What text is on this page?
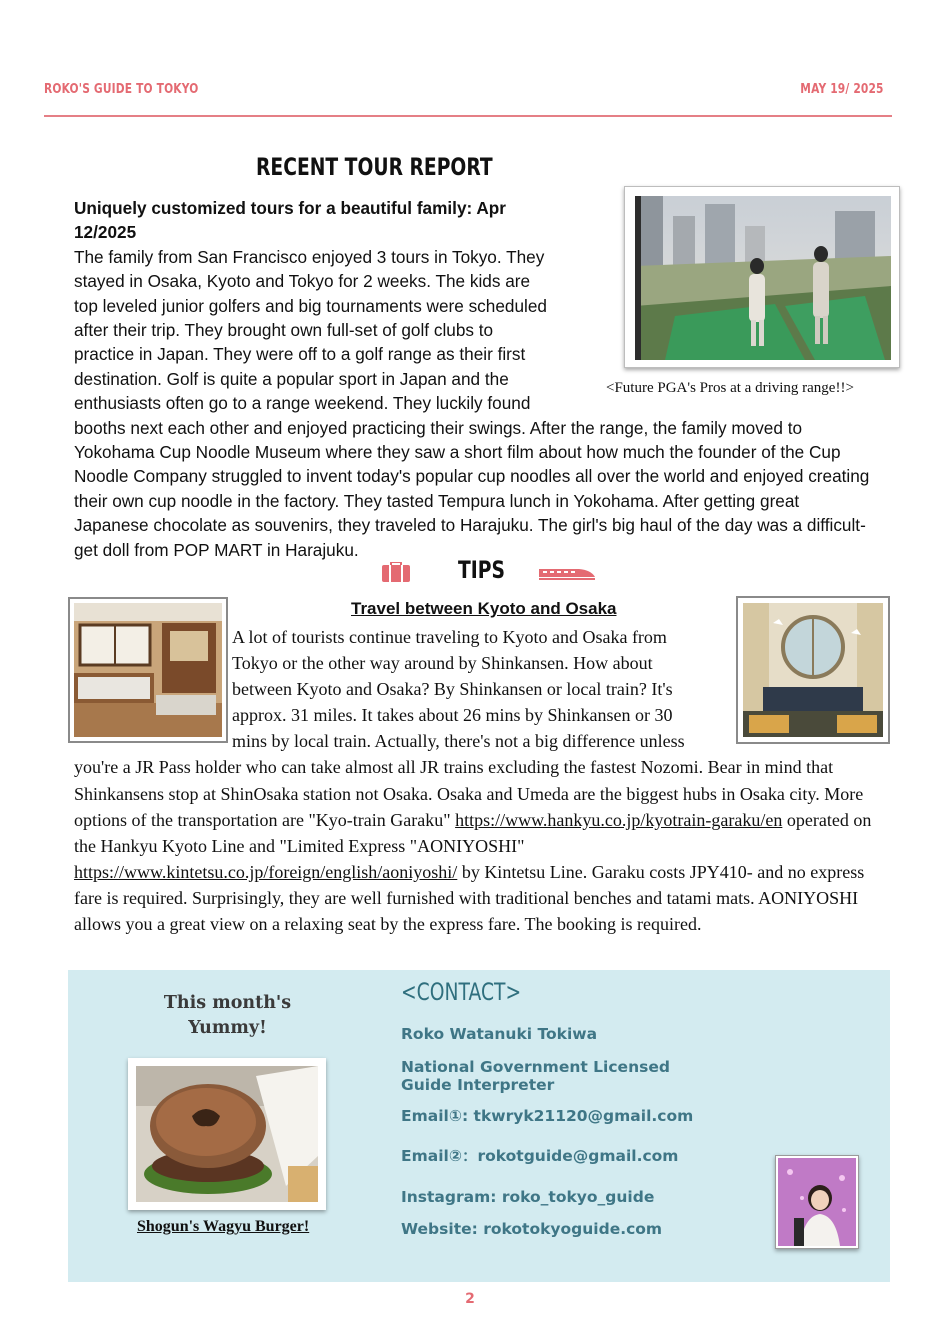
ROKO'S GUIDE TO TOKYO	MAY 19/ 2025
RECENT TOUR REPORT
Uniquely customized tours for a beautiful family: Apr 12/2025
The family from San Francisco enjoyed 3 tours in Tokyo. They stayed in Osaka, Kyoto and Tokyo for 2 weeks. The kids are top leveled junior golfers and big tournaments were scheduled after their trip. They brought own full-set of golf clubs to practice in Japan. They were off to a golf range as their first destination. Golf is quite a popular sport in Japan and the enthusiasts often go to a range weekend. They luckily found booths next each other and enjoyed practicing their swings. After the range, the family moved to Yokohama Cup Noodle Museum where they saw a short film about how much the founder of the Cup Noodle Company struggled to invent today's popular cup noodles all over the world and enjoyed creating their own cup noodle in the factory. They tasted Tempura lunch in Yokohama. After getting great Japanese chocolate as souvenirs, they traveled to Harajuku. The girl's big haul of the day was a difficult-get doll from POP MART in Harajuku.
<Future PGA's Pros at a driving range!!>
TIPS
Travel between Kyoto and Osaka
A lot of tourists continue traveling to Kyoto and Osaka from Tokyo or the other way around by Shinkansen. How about between Kyoto and Osaka? By Shinkansen or local train? It's approx. 31 miles. It takes about 26 mins by Shinkansen or 30 mins by local train. Actually, there's not a big difference unless you're a JR Pass holder who can take almost all JR trains excluding the fastest Nozomi. Bear in mind that Shinkansens stop at ShinOsaka station not Osaka. Osaka and Umeda are the biggest hubs in Osaka city. More options of the transportation are "Kyo-train Garaku" https://www.hankyu.co.jp/kyotrain-garaku/en operated on the Hankyu Kyoto Line and "Limited Express "AONIYOSHI" https://www.kintetsu.co.jp/foreign/english/aoniyoshi/ by Kintetsu Line. Garaku costs JPY410- and no express fare is required. Surprisingly, they are well furnished with traditional benches and tatami mats. AONIYOSHI allows you a great view on a relaxing seat by the express fare. The booking is required.
This month's Yummy!
Shogun's Wagyu Burger!
<CONTACT>
Roko Watanuki Tokiwa
National Government Licensed Guide Interpreter
Email①: tkwryk21120@gmail.com
Email②：rokotguide@gmail.com
Instagram: roko_tokyo_guide
Website: rokotokyoguide.com
2
